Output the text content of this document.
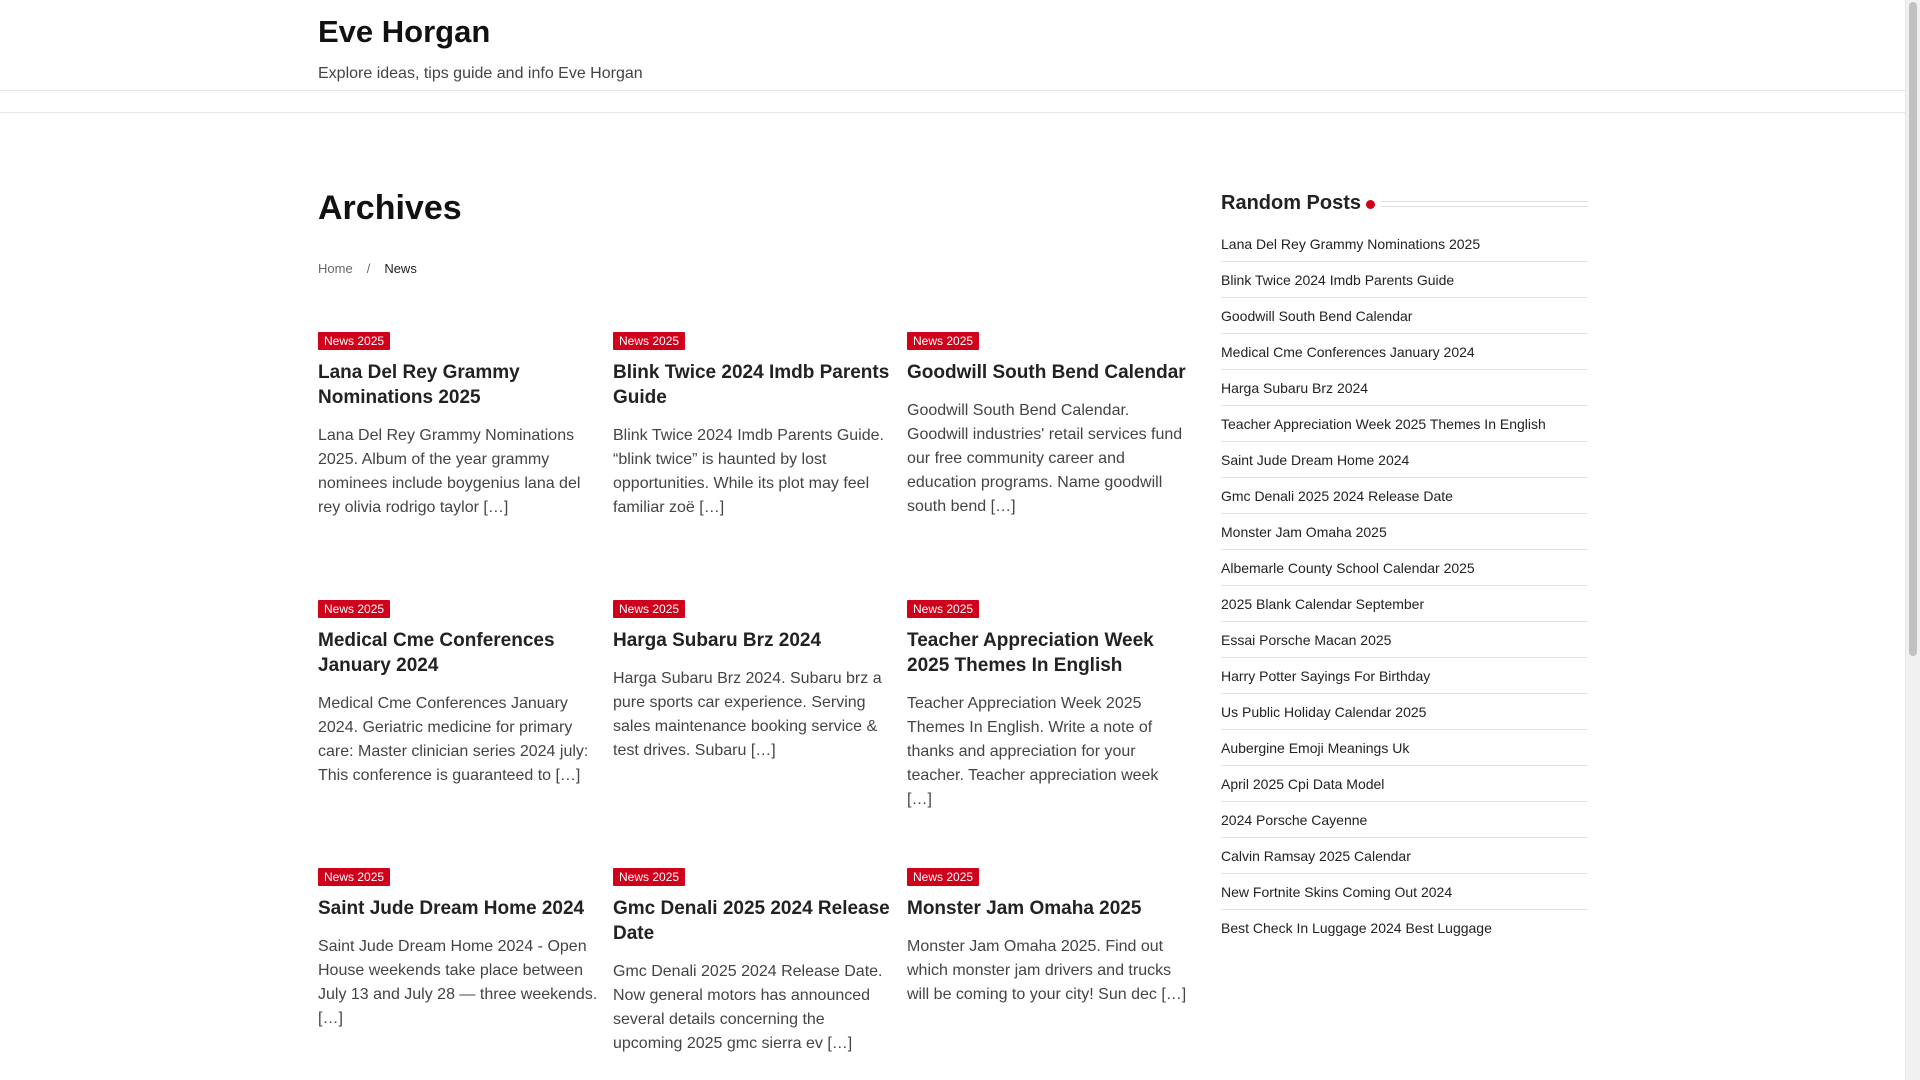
Eve Horgan
Explore ideas, tips guide and info Eve Horgan
Archives
Home / News
News 2025
Lana Del Rey Grammy Nominations 2025
Lana Del Rey Grammy Nominations 2025. Album of the year grammy nominees include boygenius lana del rey olivia rodrigo taylor […]
News 2025
Blink Twice 2024 Imdb Parents Guide
Blink Twice 2024 Imdb Parents Guide. “blink twice” is haunted by lost opportunities. While its plot may feel familiar zoë […]
News 2025
Goodwill South Bend Calendar
Goodwill South Bend Calendar. Goodwill industries' retail services fund our free community career and education programs. Name goodwill south bend […]
News 2025
Medical Cme Conferences January 2024
Medical Cme Conferences January 2024. Geriatric medicine for primary care: Master clinician series 2024 july: This conference is guaranteed to […]
News 2025
Harga Subaru Brz 2024
Harga Subaru Brz 2024. Subaru brz a pure sports car experience. Serving sales maintenance booking service & test drives. Subaru […]
News 2025
Teacher Appreciation Week 2025 Themes In English
Teacher Appreciation Week 2025 Themes In English. Write a note of thanks and appreciation for your teacher. Teacher appreciation week […]
News 2025
Saint Jude Dream Home 2024
Saint Jude Dream Home 2024 - Open House weekends take place between July 13 and July 28 — three weekends. […]
News 2025
Gmc Denali 2025 2024 Release Date
Gmc Denali 2025 2024 Release Date. Now general motors has announced several details concerning the upcoming 2025 gmc sierra ev […]
News 2025
Monster Jam Omaha 2025
Monster Jam Omaha 2025. Find out which monster jam drivers and trucks will be coming to your city! Sun dec […]
Random Posts
Lana Del Rey Grammy Nominations 2025
Blink Twice 2024 Imdb Parents Guide
Goodwill South Bend Calendar
Medical Cme Conferences January 2024
Harga Subaru Brz 2024
Teacher Appreciation Week 2025 Themes In English
Saint Jude Dream Home 2024
Gmc Denali 2025 2024 Release Date
Monster Jam Omaha 2025
Albemarle County School Calendar 2025
2025 Blank Calendar September
Essai Porsche Macan 2025
Harry Potter Sayings For Birthday
Us Public Holiday Calendar 2025
Aubergine Emoji Meanings Uk
April 2025 Cpi Data Model
2024 Porsche Cayenne
Calvin Ramsay 2025 Calendar
New Fortnite Skins Coming Out 2024
Best Check In Luggage 2024 Best Luggage
